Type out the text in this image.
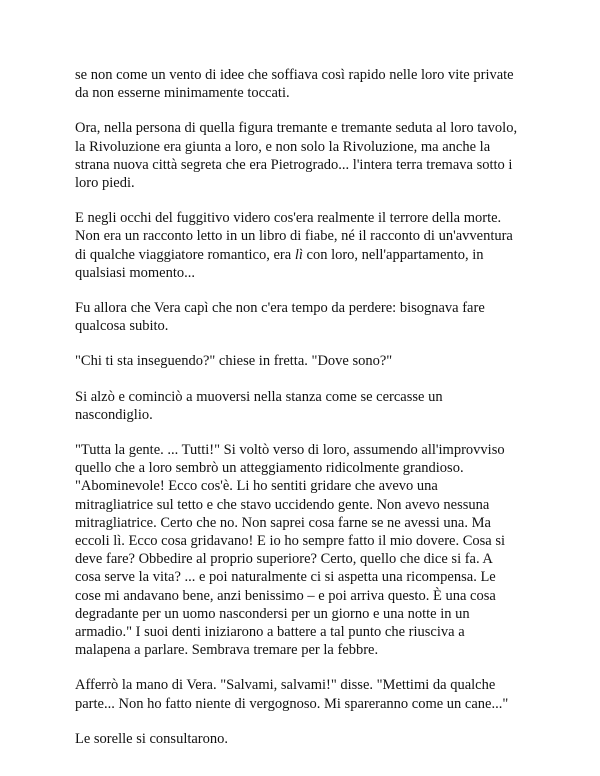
se non come un vento di idee che soffiava così rapido nelle loro vite private
da non esserne minimamente toccati.

Ora, nella persona di quella figura tremante e tremante seduta al loro tavolo,
la Rivoluzione era giunta a loro, e non solo la Rivoluzione, ma anche la
strana nuova città segreta che era Pietrogrado... l'intera terra tremava sotto i
loro piedi.

E negli occhi del fuggitivo videro cos'era realmente il terrore della morte.
Non era un racconto letto in un libro di fiabe, né il racconto di un'avventura
di qualche viaggiatore romantico, era lì con loro, nell'appartamento, in
qualsiasi momento...

Fu allora che Vera capì che non c'era tempo da perdere: bisognava fare
qualcosa subito.

"Chi ti sta inseguendo?" chiese in fretta. "Dove sono?"

Si alzò e cominciò a muoversi nella stanza come se cercasse un
nascondiglio.

"Tutta la gente. ... Tutti!" Si voltò verso di loro, assumendo all'improvviso
quello che a loro sembrò un atteggiamento ridicolmente grandioso.
"Abominevole! Ecco cos'è. Li ho sentiti gridare che avevo una
mitragliatrice sul tetto e che stavo uccidendo gente. Non avevo nessuna
mitragliatrice. Certo che no. Non saprei cosa farne se ne avessi una. Ma
eccoli lì. Ecco cosa gridavano! E io ho sempre fatto il mio dovere. Cosa si
deve fare? Obbedire al proprio superiore? Certo, quello che dice si fa. A
cosa serve la vita? ... e poi naturalmente ci si aspetta una ricompensa. Le
cose mi andavano bene, anzi benissimo – e poi arriva questo. È una cosa
degradante per un uomo nascondersi per un giorno e una notte in un
armadio." I suoi denti iniziarono a battere a tal punto che riusciva a
malapena a parlare. Sembrava tremare per la febbre.

Afferrò la mano di Vera. "Salvami, salvami!" disse. "Mettimi da qualche
parte... Non ho fatto niente di vergognoso. Mi spareranno come un cane..."

Le sorelle si consultarono.
